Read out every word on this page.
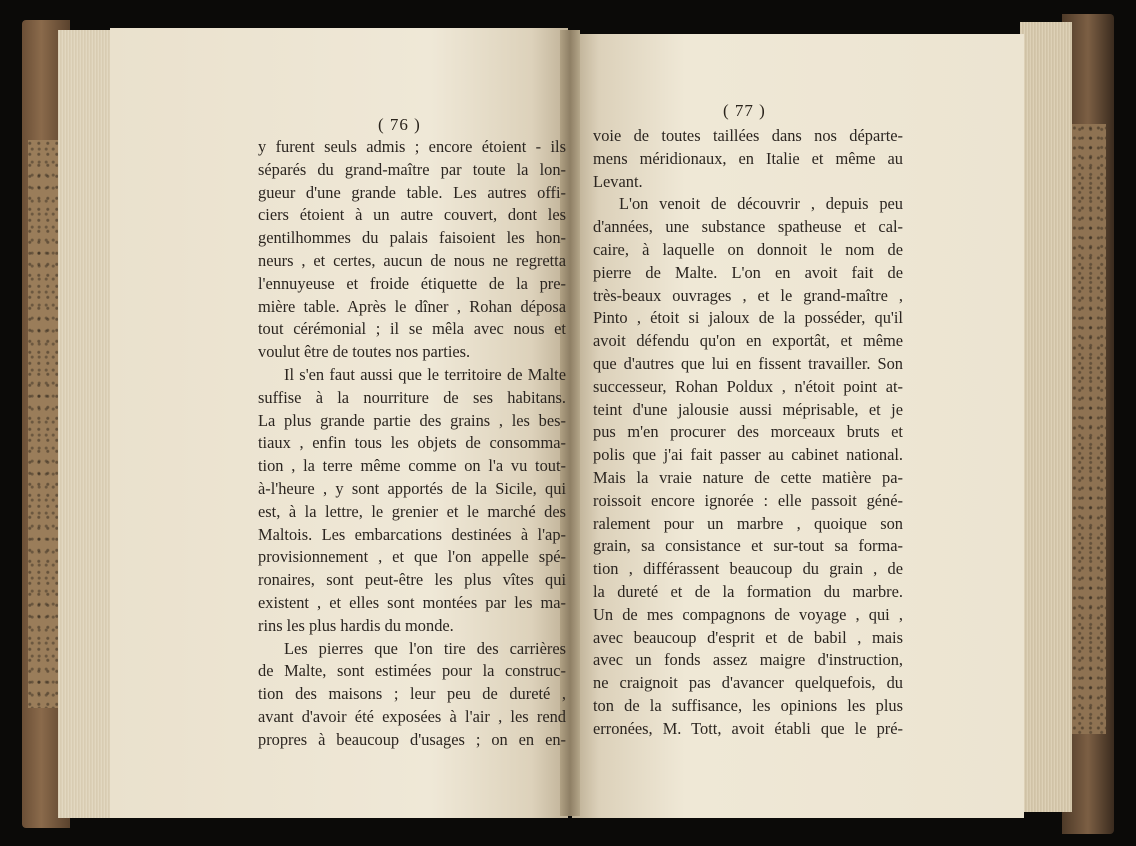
( 76 )
( 77 )
y furent seuls admis ; encore étoient - ils
séparés du grand-maître par toute la lon-
gueur d'une grande table. Les autres offi-
ciers étoient à un autre couvert, dont les
gentilhommes du palais faisoient les hon-
neurs , et certes, aucun de nous ne regretta
l'ennuyeuse et froide étiquette de la pre-
mière table. Après le dîner , Rohan déposa
tout cérémonial ; il se mêla avec nous et
voulut être de toutes nos parties.
Il s'en faut aussi que le territoire de Malte
suffise à la nourriture de ses habitans.
La plus grande partie des grains , les bes-
tiaux , enfin tous les objets de consomma-
tion , la terre même comme on l'a vu tout-
à-l'heure , y sont apportés de la Sicile, qui
est, à la lettre, le grenier et le marché des
Maltois. Les embarcations destinées à l'ap-
provisionnement , et que l'on appelle spé-
ronaires, sont peut-être les plus vîtes qui
existent , et elles sont montées par les ma-
rins les plus hardis du monde.
Les pierres que l'on tire des carrières
de Malte, sont estimées pour la construc-
tion des maisons ; leur peu de dureté ,
avant d'avoir été exposées à l'air , les rend
propres à beaucoup d'usages ; on en en-
voie de toutes taillées dans nos départe-
mens méridionaux, en Italie et même au
Levant.
L'on venoit de découvrir , depuis peu
d'années, une substance spatheuse et cal-
caire, à laquelle on donnoit le nom de
pierre de Malte. L'on en avoit fait de
très-beaux ouvrages , et le grand-maître ,
Pinto , étoit si jaloux de la posséder, qu'il
avoit défendu qu'on en exportât, et même
que d'autres que lui en fissent travailler. Son
successeur, Rohan Poldux , n'étoit point at-
teint d'une jalousie aussi méprisable, et je
pus m'en procurer des morceaux bruts et
polis que j'ai fait passer au cabinet national.
Mais la vraie nature de cette matière pa-
roissoit encore ignorée : elle passoit géné-
ralement pour un marbre , quoique son
grain, sa consistance et sur-tout sa forma-
tion , différassent beaucoup du grain , de
la dureté et de la formation du marbre.
Un de mes compagnons de voyage , qui ,
avec beaucoup d'esprit et de babil , mais
avec un fonds assez maigre d'instruction,
ne craignoit pas d'avancer quelquefois, du
ton de la suffisance, les opinions les plus
erronées, M. Tott, avoit établi que le pré-
